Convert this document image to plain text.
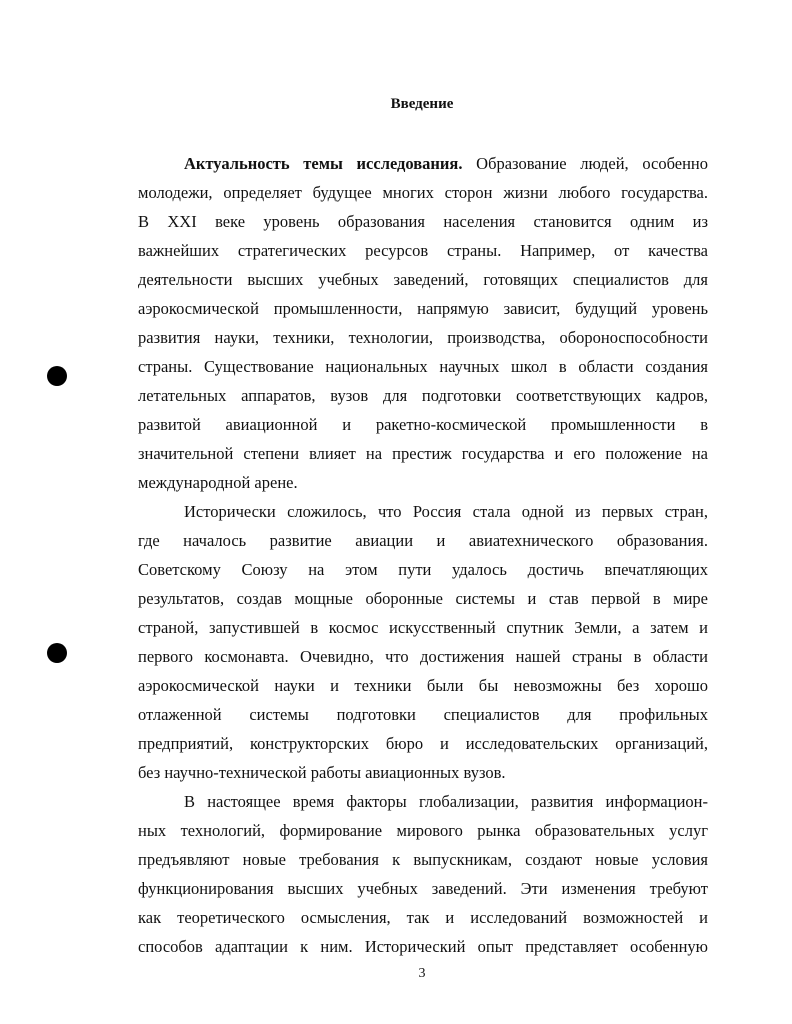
Введение
Актуальность темы исследования. Образование людей, особенно
молодежи, определяет будущее многих сторон жизни любого государства.
В XXI веке уровень образования населения становится одним из
важнейших стратегических ресурсов страны. Например, от качества
деятельности высших учебных заведений, готовящих специалистов для
аэрокосмической промышленности, напрямую зависит, будущий уровень
развития науки, техники, технологии, производства, обороноспособности
страны. Существование национальных научных школ в области создания
летательных аппаратов, вузов для подготовки соответствующих кадров,
развитой авиационной и ракетно-космической промышленности в
значительной степени влияет на престиж государства и его положение на
международной арене.
Исторически сложилось, что Россия стала одной из первых стран,
где началось развитие авиации и авиатехнического образования.
Советскому Союзу на этом пути удалось достичь впечатляющих
результатов, создав мощные оборонные системы и став первой в мире
страной, запустившей в космос искусственный спутник Земли, а затем и
первого космонавта. Очевидно, что достижения нашей страны в области
аэрокосмической науки и техники были бы невозможны без хорошо
отлаженной системы подготовки специалистов для профильных
предприятий, конструкторских бюро и исследовательских организаций,
без научно-технической работы авиационных вузов.
В настоящее время факторы глобализации, развития информацион-
ных технологий, формирование мирового рынка образовательных услуг
предъявляют новые требования к выпускникам, создают новые условия
функционирования высших учебных заведений. Эти изменения требуют
как теоретического осмысления, так и исследований возможностей и
способов адаптации к ним. Исторический опыт представляет особенную
3
